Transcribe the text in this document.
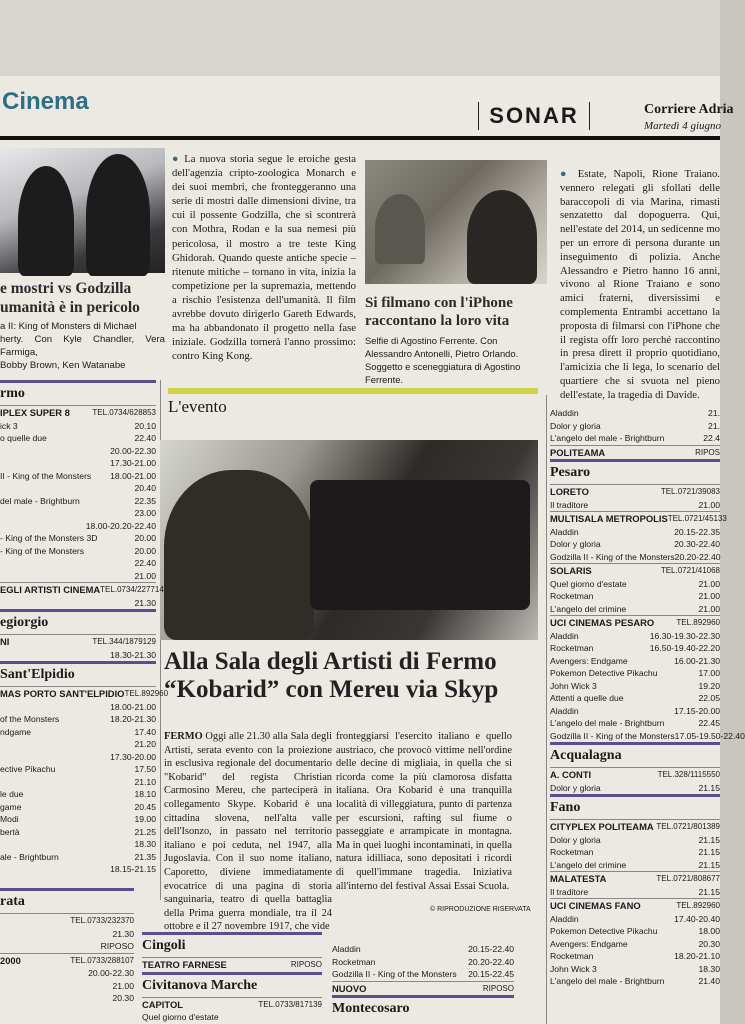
Cinema
SONAR	Corriere Adria
Martedì 4 giugno
e mostri vs Godzilla
umanità è in pericolo
a II: King of Monsters di Michael
herty. Con Kyle Chandler, Vera Farmiga,
Bobby Brown, Ken Watanabe
● La nuova storia segue le eroiche gesta dell'agenzia cripto-zoologica Monarch e dei suoi membri, che fronteggeranno una serie di mostri dalle dimensioni divine, tra cui il possente Godzilla, che si scontrerà con Mothra, Rodan e la sua nemesi più pericolosa, il mostro a tre teste King Ghidorah. Quando queste antiche specie – ritenute mitiche – tornano in vita, inizia la competizione per la supremazia, mettendo a rischio l'esistenza dell'umanità. Il film avrebbe dovuto dirigerlo Gareth Edwards, ma ha abbandonato il progetto nella fase iniziale. Godzilla tornerà l'anno prossimo: contro King Kong.
Si filmano con l'iPhone
raccontano la loro vita
Selfie di Agostino Ferrente. Con Alessandro Antonelli, Pietro Orlando. Soggetto e sceneggiatura di Agostino Ferrente.
● Estate, Napoli, Rione Traiano. vennero relegati gli sfollati delle baraccopoli di via Marina, rimasti senzatetto dal dopoguerra. Qui, nell'estate del 2014, un sedicenne mo per un errore di persona durante un inseguimento di polizia. Anche Alessandro e Pietro hanno 16 anni, vivono al Rione Traiano e sono amici fraterni, diversissimi e complementa Entrambi accettano la proposta di filmarsi con l'iPhone che il regista offr loro perché raccontino in presa dirett il proprio quotidiano, l'amicizia che li lega, lo scenario del quartiere che si svuota nel pieno dell'estate, la tragedia di Davide.
L'evento
Alla Sala degli Artisti di Fermo
“Kobarid” con Mereu via Skyp
FERMO Oggi alle 21.30 alla Sala degli Artisti, serata evento con la proiezione in esclusiva regionale del documentario "Kobarid" del regista Christian Carmosino Mereu, che parteciperà in collegamento Skype. Kobarid è una cittadina slovena, nell'alta valle dell'Isonzo, in passato nel territorio italiano e poi ceduta, nel 1947, alla Jugoslavia. Con il suo nome italiano, Caporetto, diviene immediatamente evocatrice di una pagina di storia sanguinaria, teatro di quella battaglia della Prima guerra mondiale, tra il 24 ottobre e il 27 novembre 1917, che vide
fronteggiarsi l'esercito italiano e quello austriaco, che provocò vittime nell'ordine delle decine di migliaia, in quella che si ricorda come la più clamorosa disfatta italiana. Ora Kobarid è una tranquilla località di villeggiatura, punto di partenza per escursioni, rafting sul fiume o passeggiate e arrampicate in montagna. Ma in quei luoghi incontaminati, in quella natura idilliaca, sono depositati i ricordi di quell'immane tragedia. Iniziativa all'interno del festival Assai Essai Scuola.
© RIPRODUZIONE RISERVATA
rmo
IPLEX SUPER 8	TEL.0734/628853
ick 3	20.10
o quelle due	22.40
20.00-22.30
17.30-21.00
II - King of the Monsters 18.00-21.00
20.40
del male - Brightburn	22.35
23.00
18.00-20.20-22.40
- King of the Monsters 3D	20.00
- King of the Monsters	20.00
22.40
21.00
EGLI ARTISTI CINEMA TEL.0734/227714
21.30
egiorgio
NI	TEL.344/1879129
18.30-21.30
Sant'Elpidio
MAS PORTO SANT'ELPIDIO TEL.892960
18.00-21.00
of the Monsters	18.20-21.30
ndgame	17.40
21.20
17.30-20.00
ective Pikachu	17.50
21.10
le due	18.10
game	20.45
Modi	19.00
bertà	21.25
18.30
ale - Brightburn	21.35
18.15-21.15
rata
TEL.0733/232370
21.30
RIPOSO
2000	TEL.0733/288107
20.00-22.30
21.00
20.30
Cingoli
TEATRO FARNESE	RIPOSO
Civitanova Marche
CAPITOL	TEL.0733/817139
Quel giorno d'estate
Aladdin	20.15-22.40
Rocketman	20.20-22.40
Godzilla II - King of the Monsters 20.15-22.45
NUOVO	RIPOSO
Montecosaro
Aladdin	21.
Dolor y gloria	21.
L'angelo del male - Brightburn	22.4
POLITEAMA	RIPOS
Pesaro
LORETO	TEL.0721/39083
Il traditore	21.00
MULTISALA METROPOLIS TEL.0721/45133
Aladdin	20.15-22.35
Dolor y gloria	20.30-22.40
Godzilla II - King of the Monsters 20.20-22.40
SOLARIS	TEL.0721/41068
Quel giorno d'estate	21.00
Rocketman	21.00
L'angelo del crimine	21.00
UCI CINEMAS PESARO	TEL.892960
Aladdin	16.30-19.30-22.30
Rocketman	16.50-19.40-22.20
Avengers: Endgame	16.00-21.30
Pokemon Detective Pikachu	17.00
John Wick 3	19.20
Attenti a quelle due	22.05
Aladdin	17.15-20.00
L'angelo del male - Brightburn	22.45
Godzilla II - King of the Monsters 17.05-19.50-22.40
Acqualagna
A. CONTI	TEL.328/1115550
Dolor y gloria	21.15
Fano
CITYPLEX POLITEAMA TEL.0721/801389
Dolor y gloria	21.15
Rocketman	21.15
L'angelo del crimine	21.15
MALATESTA	TEL.0721/808677
Il traditore	21.15
UCI CINEMAS FANO	TEL.892960
Aladdin	17.40-20.40
Pokemon Detective Pikachu	18.00
Avengers: Endgame	20.30
Rocketman	18.20-21.10
John Wick 3	18.30
L'angelo del male - Brightburn	21.40
